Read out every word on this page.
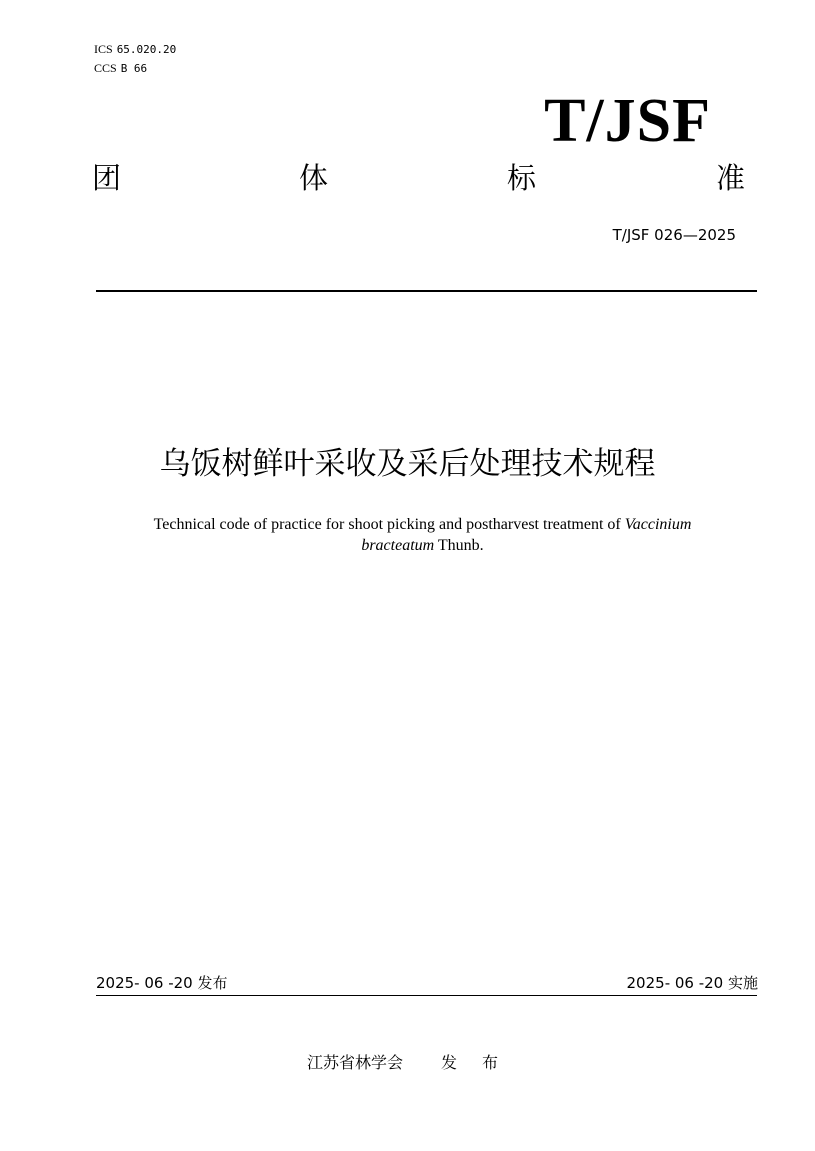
ICS 65.020.20
CCS B 66
T/JSF
团	体	标	准
T/JSF 026—2025
乌饭树鲜叶采收及采后处理技术规程
Technical code of practice for shoot picking and postharvest treatment of Vaccinium
bracteatum Thunb.
2025- 06 -20 发布	2025- 06 -20 实施
江苏省林学会 发 布
